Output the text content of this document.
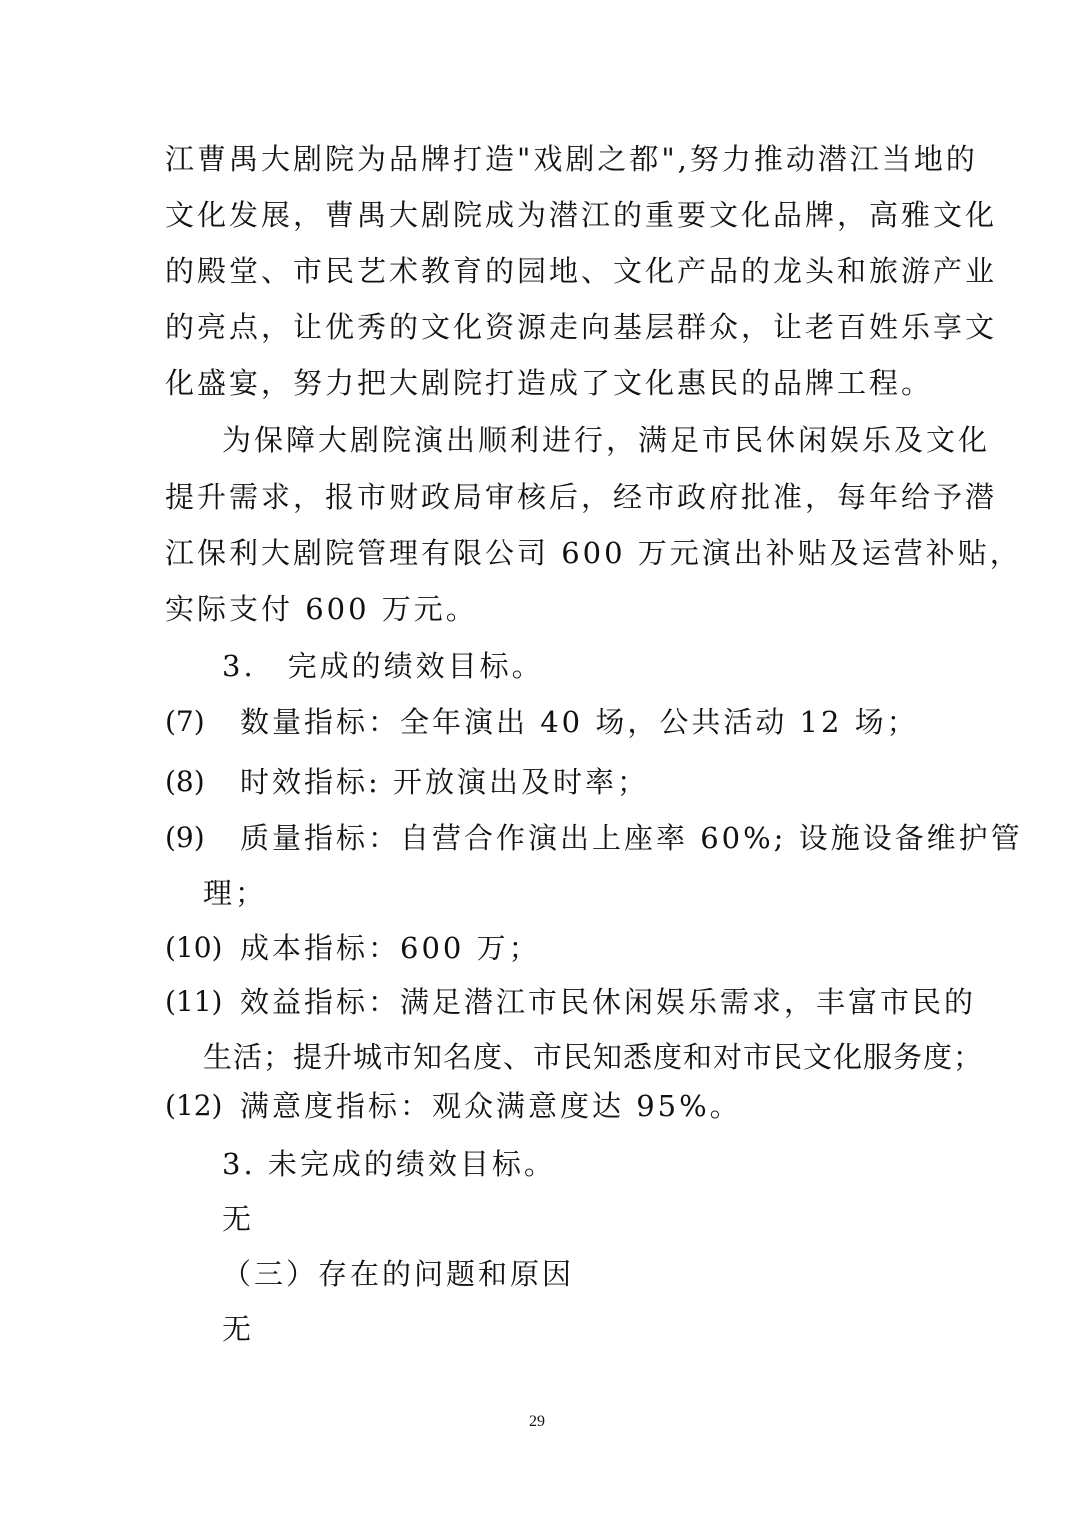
江曹禺大剧院为品牌打造"戏剧之都",努力推动潜江当地的
文化发展，曹禺大剧院成为潜江的重要文化品牌，高雅文化
的殿堂、市民艺术教育的园地、文化产品的龙头和旅游产业
的亮点，让优秀的文化资源走向基层群众，让老百姓乐享文
化盛宴，努力把大剧院打造成了文化惠民的品牌工程。
为保障大剧院演出顺利进行，满足市民休闲娱乐及文化
提升需求，报市财政局审核后，经市政府批准，每年给予潜
江保利大剧院管理有限公司 600 万元演出补贴及运营补贴，
实际支付 600 万元。
3.　完成的绩效目标。
(7) 数量指标：全年演出 40 场，公共活动 12 场；
(8) 时效指标: 开放演出及时率；
(9) 质量指标：自营合作演出上座率 60%; 设施设备维护管
理；
(10) 成本指标：600 万；
(11) 效益指标：满足潜江市民休闲娱乐需求，丰富市民的
生活；提升城市知名度、市民知悉度和对市民文化服务度；
(12) 满意度指标：观众满意度达 95%。
3. 未完成的绩效目标。
无
（三）存在的问题和原因
无
29
